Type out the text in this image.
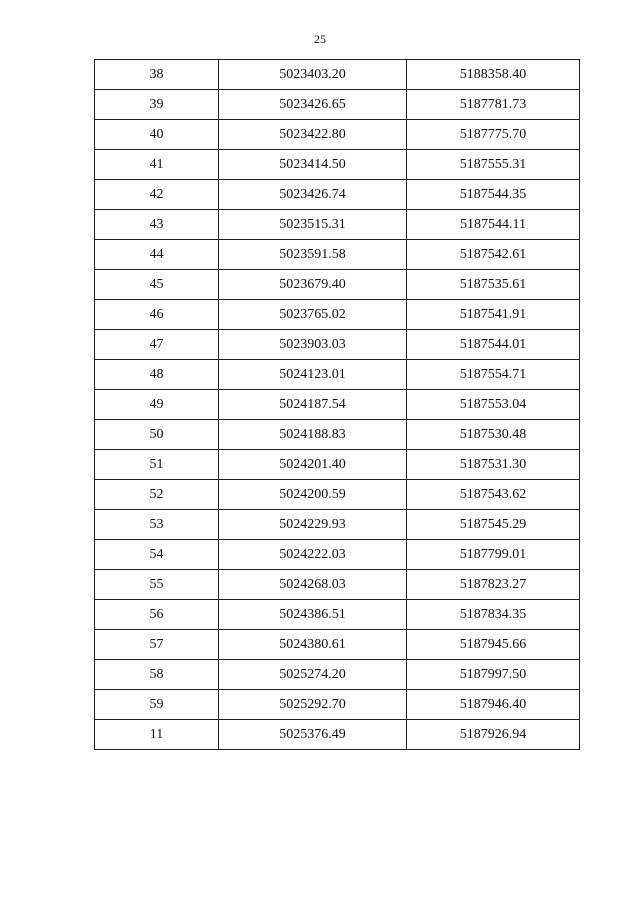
25
38	5023403.20	5188358.40
39	5023426.65	5187781.73
40	5023422.80	5187775.70
41	5023414.50	5187555.31
42	5023426.74	5187544.35
43	5023515.31	5187544.11
44	5023591.58	5187542.61
45	5023679.40	5187535.61
46	5023765.02	5187541.91
47	5023903.03	5187544.01
48	5024123.01	5187554.71
49	5024187.54	5187553.04
50	5024188.83	5187530.48
51	5024201.40	5187531.30
52	5024200.59	5187543.62
53	5024229.93	5187545.29
54	5024222.03	5187799.01
55	5024268.03	5187823.27
56	5024386.51	5187834.35
57	5024380.61	5187945.66
58	5025274.20	5187997.50
59	5025292.70	5187946.40
11	5025376.49	5187926.94
